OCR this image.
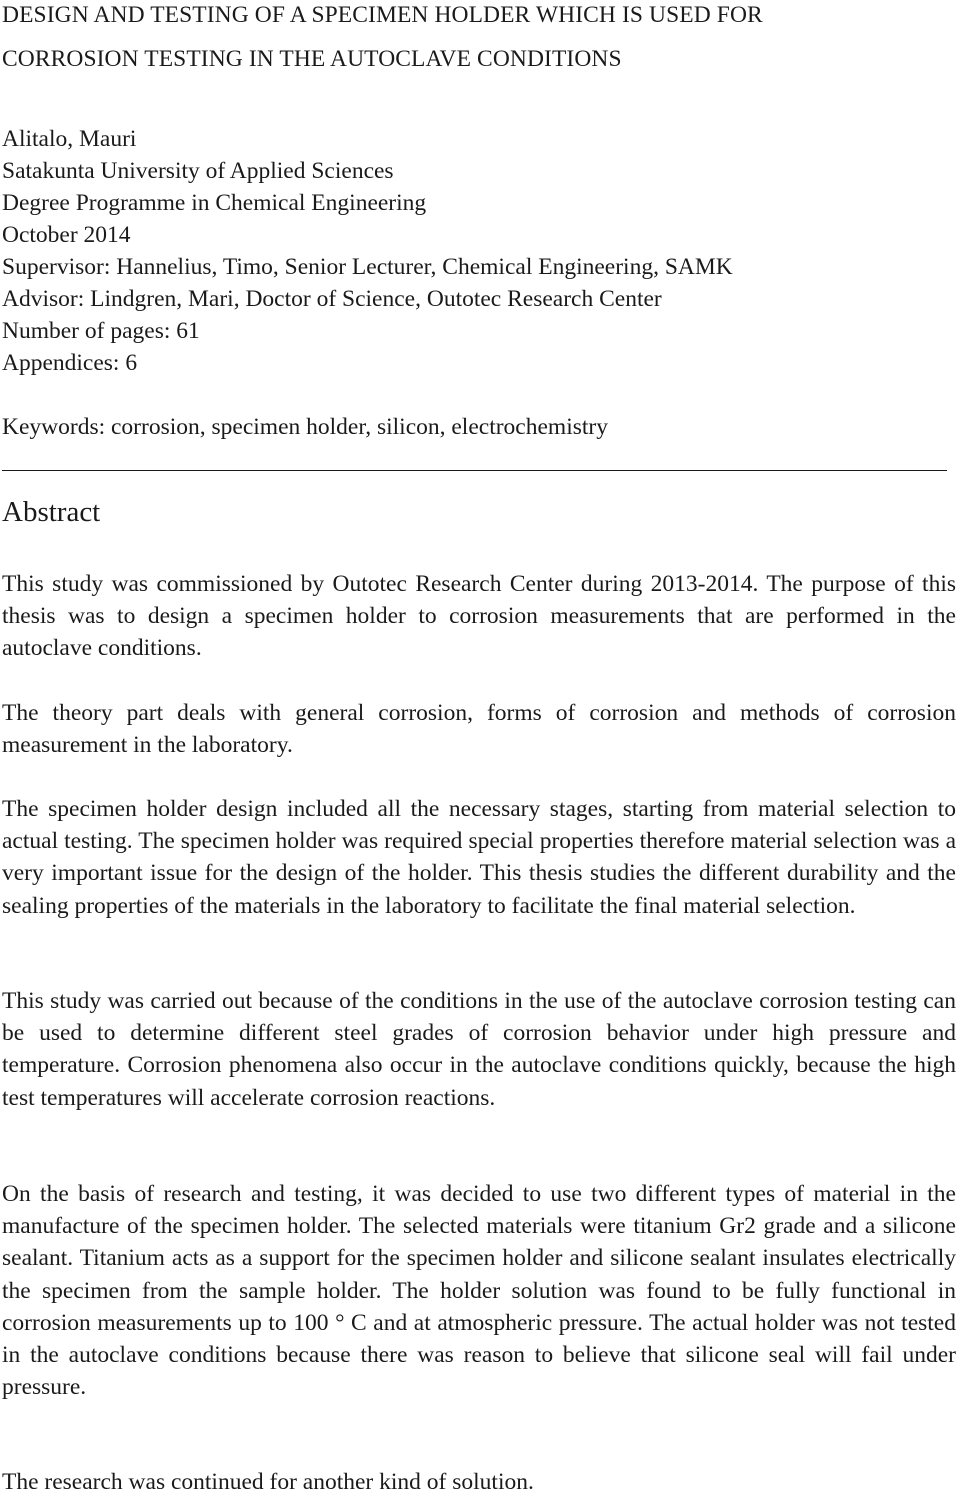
DESIGN AND TESTING OF A SPECIMEN HOLDER WHICH IS USED FOR
CORROSION TESTING IN THE AUTOCLAVE CONDITIONS
Alitalo, Mauri
Satakunta University of Applied Sciences
Degree Programme in Chemical Engineering
October 2014
Supervisor: Hannelius, Timo, Senior Lecturer, Chemical Engineering, SAMK
Advisor: Lindgren, Mari, Doctor of Science, Outotec Research Center
Number of pages: 61
Appendices: 6
Keywords: corrosion, specimen holder, silicon, electrochemistry
Abstract

This study was commissioned by Outotec Research Center during 2013-2014. The purpose of this thesis was to design a specimen holder to corrosion measurements that are performed in the autoclave conditions.

The theory part deals with general corrosion, forms of corrosion and methods of corrosion measurement in the laboratory.

The specimen holder design included all the necessary stages, starting from material selection to actual testing. The specimen holder was required special properties therefore material selection was a very important issue for the design of the holder. This thesis studies the different durability and the sealing properties of the materials in the laboratory to facilitate the final material selection.

This study was carried out because of the conditions in the use of the autoclave corrosion testing can be used to determine different steel grades of corrosion behavior under high pressure and temperature. Corrosion phenomena also occur in the autoclave conditions quickly, because the high test temperatures will accelerate corrosion reactions.

On the basis of research and testing, it was decided to use two different types of material in the manufacture of the specimen holder. The selected materials were titanium Gr2 grade and a silicone sealant. Titanium acts as a support for the specimen holder and silicone sealant insulates electrically the specimen from the sample holder. The holder solution was found to be fully functional in corrosion measurements up to 100 ° C and at atmospheric pressure. The actual holder was not tested in the autoclave conditions because there was reason to believe that silicone seal will fail under pressure.

The research was continued for another kind of solution.
